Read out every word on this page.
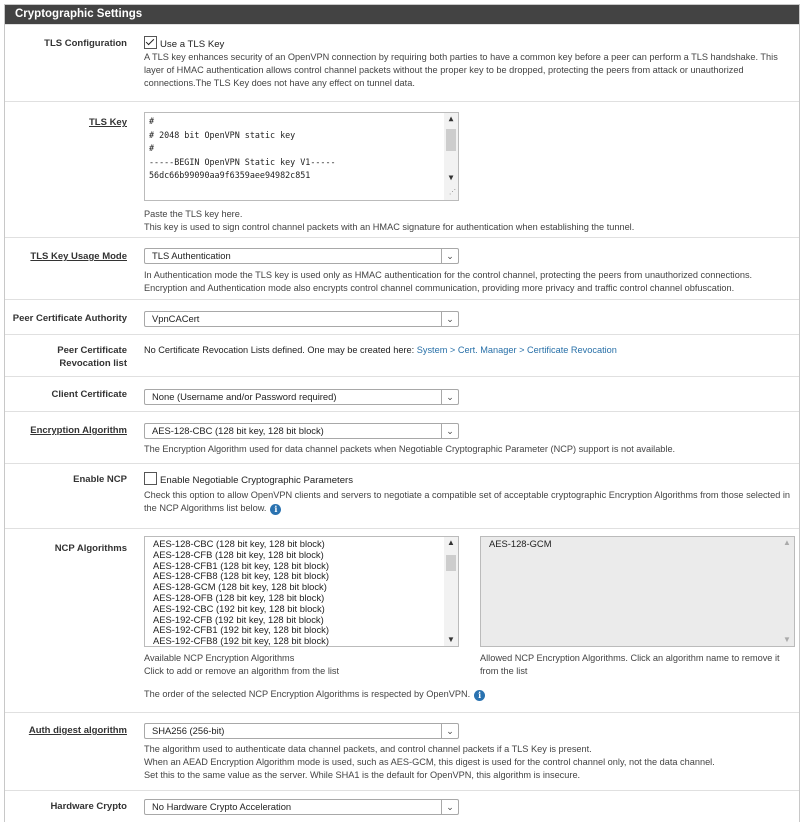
Cryptographic Settings
TLS Configuration	Use a TLS Key
A TLS key enhances security of an OpenVPN connection by requiring both parties to have a common key before a peer can perform a TLS handshake. This layer of HMAC authentication allows control channel packets without the proper key to be dropped, protecting the peers from attack or unauthorized connections.The TLS Key does not have any effect on tunnel data.
TLS Key	#
# 2048 bit OpenVPN static key
#
-----BEGIN OpenVPN Static key V1-----
56dc66b99090aa9f6359aee94982c851
▲
▼
⋰
Paste the TLS key here.
This key is used to sign control channel packets with an HMAC signature for authentication when establishing the tunnel.
TLS Key Usage Mode	TLS Authentication	⌄
In Authentication mode the TLS key is used only as HMAC authentication for the control channel, protecting the peers from unauthorized connections. Encryption and Authentication mode also encrypts control channel communication, providing more privacy and traffic control channel obfuscation.
Peer Certificate Authority	VpnCACert	⌄
Peer Certificate
Revocation list
No Certificate Revocation Lists defined. One may be created here: System > Cert. Manager > Certificate Revocation
Client Certificate	None (Username and/or Password required)	⌄
Encryption Algorithm	AES-128-CBC (128 bit key, 128 bit block)	⌄
The Encryption Algorithm used for data channel packets when Negotiable Cryptographic Parameter (NCP) support is not available.
Enable NCP	Enable Negotiable Cryptographic Parameters
Check this option to allow OpenVPN clients and servers to negotiate a compatible set of acceptable cryptographic Encryption Algorithms from those selected in the NCP Algorithms list below. i
NCP Algorithms	AES-128-CBC (128 bit key, 128 bit block)
AES-128-CFB (128 bit key, 128 bit block)
AES-128-CFB1 (128 bit key, 128 bit block)
AES-128-CFB8 (128 bit key, 128 bit block)
AES-128-GCM (128 bit key, 128 bit block)
AES-128-OFB (128 bit key, 128 bit block)
AES-192-CBC (192 bit key, 128 bit block)
AES-192-CFB (192 bit key, 128 bit block)
AES-192-CFB1 (192 bit key, 128 bit block)
AES-192-CFB8 (192 bit key, 128 bit block)
▲
▼
AES-128-GCM	▲
▼
Available NCP Encryption Algorithms
Click to add or remove an algorithm from the list
Allowed NCP Encryption Algorithms. Click an algorithm name to remove it from the list
The order of the selected NCP Encryption Algorithms is respected by OpenVPN. i
Auth digest algorithm	SHA256 (256-bit)	⌄
The algorithm used to authenticate data channel packets, and control channel packets if a TLS Key is present.
When an AEAD Encryption Algorithm mode is used, such as AES-GCM, this digest is used for the control channel only, not the data channel.
Set this to the same value as the server. While SHA1 is the default for OpenVPN, this algorithm is insecure.
Hardware Crypto	No Hardware Crypto Acceleration	⌄
